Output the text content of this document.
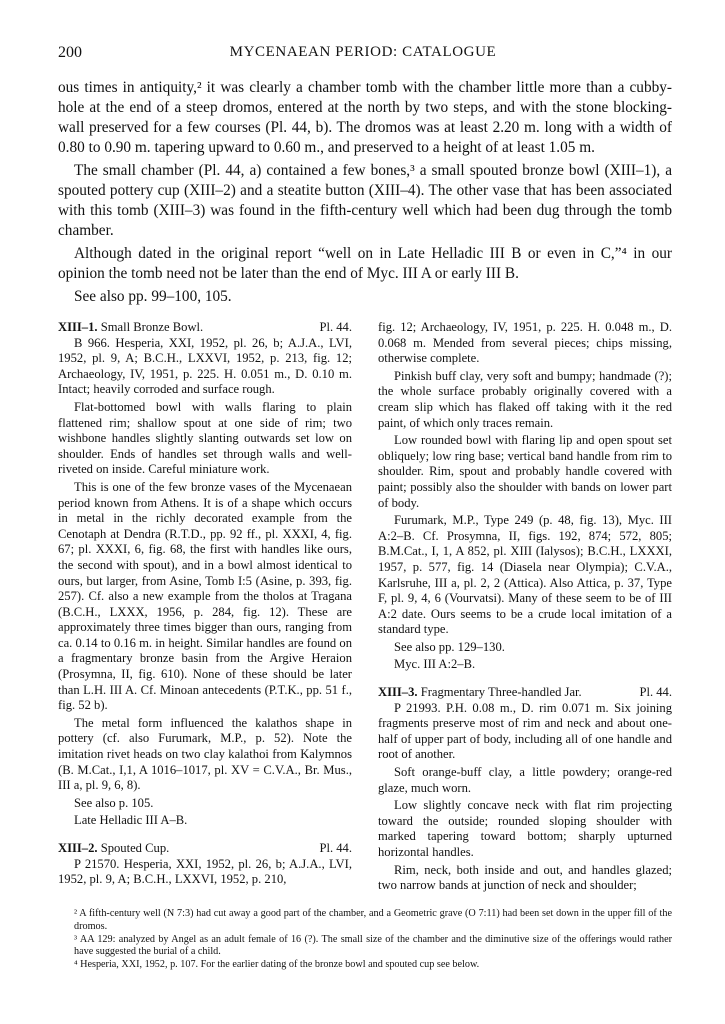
200	MYCENAEAN PERIOD: CATALOGUE

ous times in antiquity,² it was clearly a chamber tomb with the chamber little more than a cubby-hole at the end of a steep dromos, entered at the north by two steps, and with the stone blocking-wall preserved for a few courses (Pl. 44, b). The dromos was at least 2.20 m. long with a width of 0.80 to 0.90 m. tapering upward to 0.60 m., and preserved to a height of at least 1.05 m.

The small chamber (Pl. 44, a) contained a few bones,³ a small spouted bronze bowl (XIII–1), a spouted pottery cup (XIII–2) and a steatite button (XIII–4). The other vase that has been associated with this tomb (XIII–3) was found in the fifth-century well which had been dug through the tomb chamber.

Although dated in the original report “well on in Late Helladic III B or even in C,”⁴ in our opinion the tomb need not be later than the end of Myc. III A or early III B.

See also pp. 99–100, 105.

XIII–1. Small Bronze Bowl.	Pl. 44.

B 966. Hesperia, XXI, 1952, pl. 26, b; A.J.A., LVI, 1952, pl. 9, A; B.C.H., LXXVI, 1952, p. 213, fig. 12; Archaeology, IV, 1951, p. 225. H. 0.051 m., D. 0.10 m. Intact; heavily corroded and surface rough.

Flat-bottomed bowl with walls flaring to plain flattened rim; shallow spout at one side of rim; two wishbone handles slightly slanting outwards set low on shoulder. Ends of handles set through walls and well-riveted on inside. Careful miniature work.

This is one of the few bronze vases of the Mycenaean period known from Athens. It is of a shape which occurs in metal in the richly decorated example from the Cenotaph at Dendra (R.T.D., pp. 92 ff., pl. XXXI, 4, fig. 67; pl. XXXI, 6, fig. 68, the first with handles like ours, the second with spout), and in a bowl almost identical to ours, but larger, from Asine, Tomb I:5 (Asine, p. 393, fig. 257). Cf. also a new example from the tholos at Tragana (B.C.H., LXXX, 1956, p. 284, fig. 12). These are approximately three times bigger than ours, ranging from ca. 0.14 to 0.16 m. in height. Similar handles are found on a fragmentary bronze basin from the Argive Heraion (Prosymna, II, fig. 610). None of these should be later than L.H. III A. Cf. Minoan antecedents (P.T.K., pp. 51 f., fig. 52 b).

The metal form influenced the kalathos shape in pottery (cf. also Furumark, M.P., p. 52). Note the imitation rivet heads on two clay kalathoi from Kalymnos (B. M.Cat., I,1, A 1016–1017, pl. XV = C.V.A., Br. Mus., III a, pl. 9, 6, 8).

See also p. 105.

Late Helladic III A–B.

XIII–2. Spouted Cup.	Pl. 44.

P 21570. Hesperia, XXI, 1952, pl. 26, b; A.J.A., LVI, 1952, pl. 9, A; B.C.H., LXXVI, 1952, p. 210,

fig. 12; Archaeology, IV, 1951, p. 225. H. 0.048 m., D. 0.068 m. Mended from several pieces; chips missing, otherwise complete.

Pinkish buff clay, very soft and bumpy; handmade (?); the whole surface probably originally covered with a cream slip which has flaked off taking with it the red paint, of which only traces remain.

Low rounded bowl with flaring lip and open spout set obliquely; low ring base; vertical band handle from rim to shoulder. Rim, spout and probably handle covered with paint; possibly also the shoulder with bands on lower part of body.

Furumark, M.P., Type 249 (p. 48, fig. 13), Myc. III A:2–B. Cf. Prosymna, II, figs. 192, 874; 572, 805; B.M.Cat., I, 1, A 852, pl. XIII (Ialysos); B.C.H., LXXXI, 1957, p. 577, fig. 14 (Diasela near Olympia); C.V.A., Karlsruhe, III a, pl. 2, 2 (Attica). Also Attica, p. 37, Type F, pl. 9, 4, 6 (Vourvatsi). Many of these seem to be of III A:2 date. Ours seems to be a crude local imitation of a standard type.

See also pp. 129–130.

Myc. III A:2–B.

XIII–3. Fragmentary Three-handled Jar.	Pl. 44.

P 21993. P.H. 0.08 m., D. rim 0.071 m. Six joining fragments preserve most of rim and neck and about one-half of upper part of body, including all of one handle and root of another.

Soft orange-buff clay, a little powdery; orange-red glaze, much worn.

Low slightly concave neck with flat rim projecting toward the outside; rounded sloping shoulder with marked tapering toward bottom; sharply upturned horizontal handles.

Rim, neck, both inside and out, and handles glazed; two narrow bands at junction of neck and shoulder;

² A fifth-century well (N 7:3) had cut away a good part of the chamber, and a Geometric grave (O 7:11) had been set down in the upper fill of the dromos.

³ AA 129: analyzed by Angel as an adult female of 16 (?). The small size of the chamber and the diminutive size of the offerings would rather have suggested the burial of a child.

⁴ Hesperia, XXI, 1952, p. 107. For the earlier dating of the bronze bowl and spouted cup see below.
